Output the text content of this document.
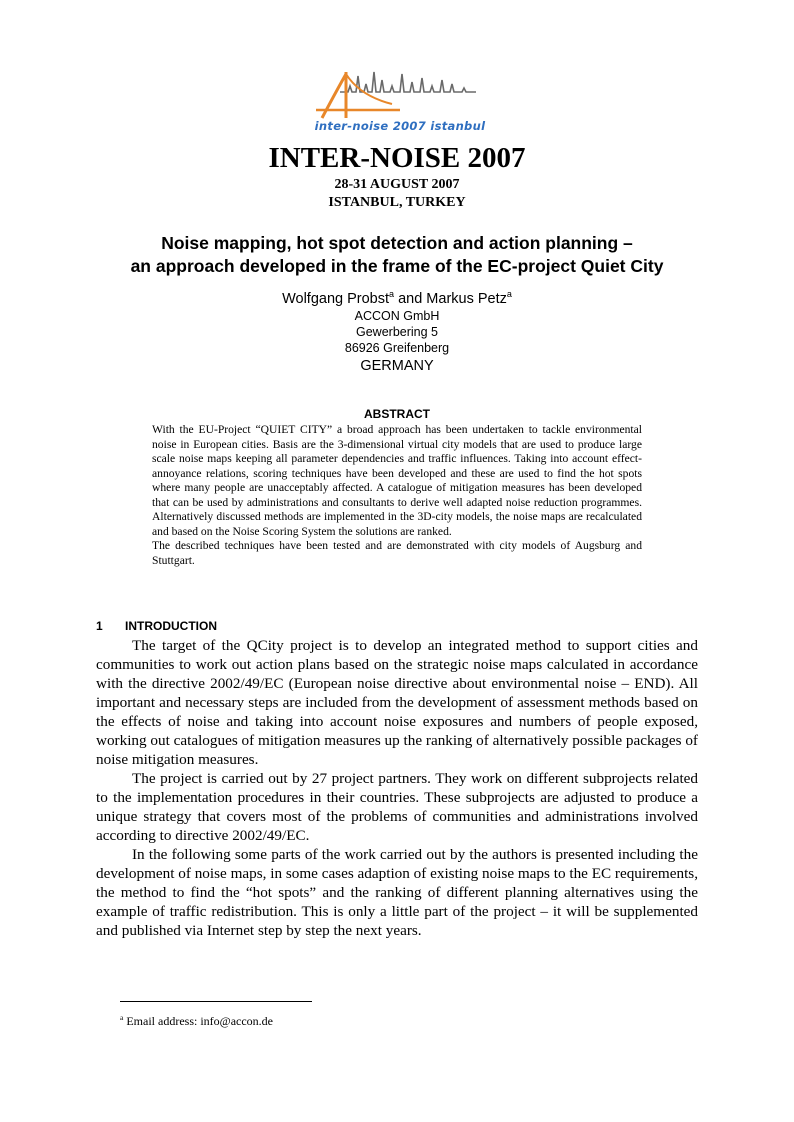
inter-noise 2007 istanbul
INTER-NOISE 2007
28-31 AUGUST 2007
ISTANBUL, TURKEY
Noise mapping, hot spot detection and action planning –
an approach developed in the frame of the EC-project Quiet City
Wolfgang Probst$^a$ and Markus Petz$^a$
ACCON GmbH
Gewerbering 5
86926 Greifenberg
GERMANY
ABSTRACT

With the EU-Project “QUIET CITY” a broad approach has been undertaken to tackle environmental noise in European cities. Basis are the 3-dimensional virtual city models that are used to produce large scale noise maps keeping all parameter dependencies and traffic influences. Taking into account effect-annoyance relations, scoring techniques have been developed and these are used to find the hot spots where many people are unacceptably affected. A catalogue of mitigation measures has been developed that can be used by administrations and consultants to derive well adapted noise reduction programmes. Alternatively discussed methods are implemented in the 3D-city models, the noise maps are recalculated and based on the Noise Scoring System the solutions are ranked.

The described techniques have been tested and are demonstrated with city models of Augsburg and Stuttgart.

1 INTRODUCTION

The target of the QCity project is to develop an integrated method to support cities and communities to work out action plans based on the strategic noise maps calculated in accordance with the directive 2002/49/EC (European noise directive about environmental noise – END). All important and necessary steps are included from the development of assessment methods based on the effects of noise and taking into account noise exposures and numbers of people exposed, working out catalogues of mitigation measures up the ranking of alternatively possible packages of noise mitigation measures.

The project is carried out by 27 project partners. They work on different subprojects related to the implementation procedures in their countries. These subprojects are adjusted to produce a unique strategy that covers most of the problems of communities and administrations involved according to directive 2002/49/EC.

In the following some parts of the work carried out by the authors is presented including the development of noise maps, in some cases adaption of existing noise maps to the EC requirements, the method to find the “hot spots” and the ranking of different planning alternatives using the example of traffic redistribution. This is only a little part of the project – it will be supplemented and published via Internet step by step the next years.

$^a$ Email address: info@accon.de
